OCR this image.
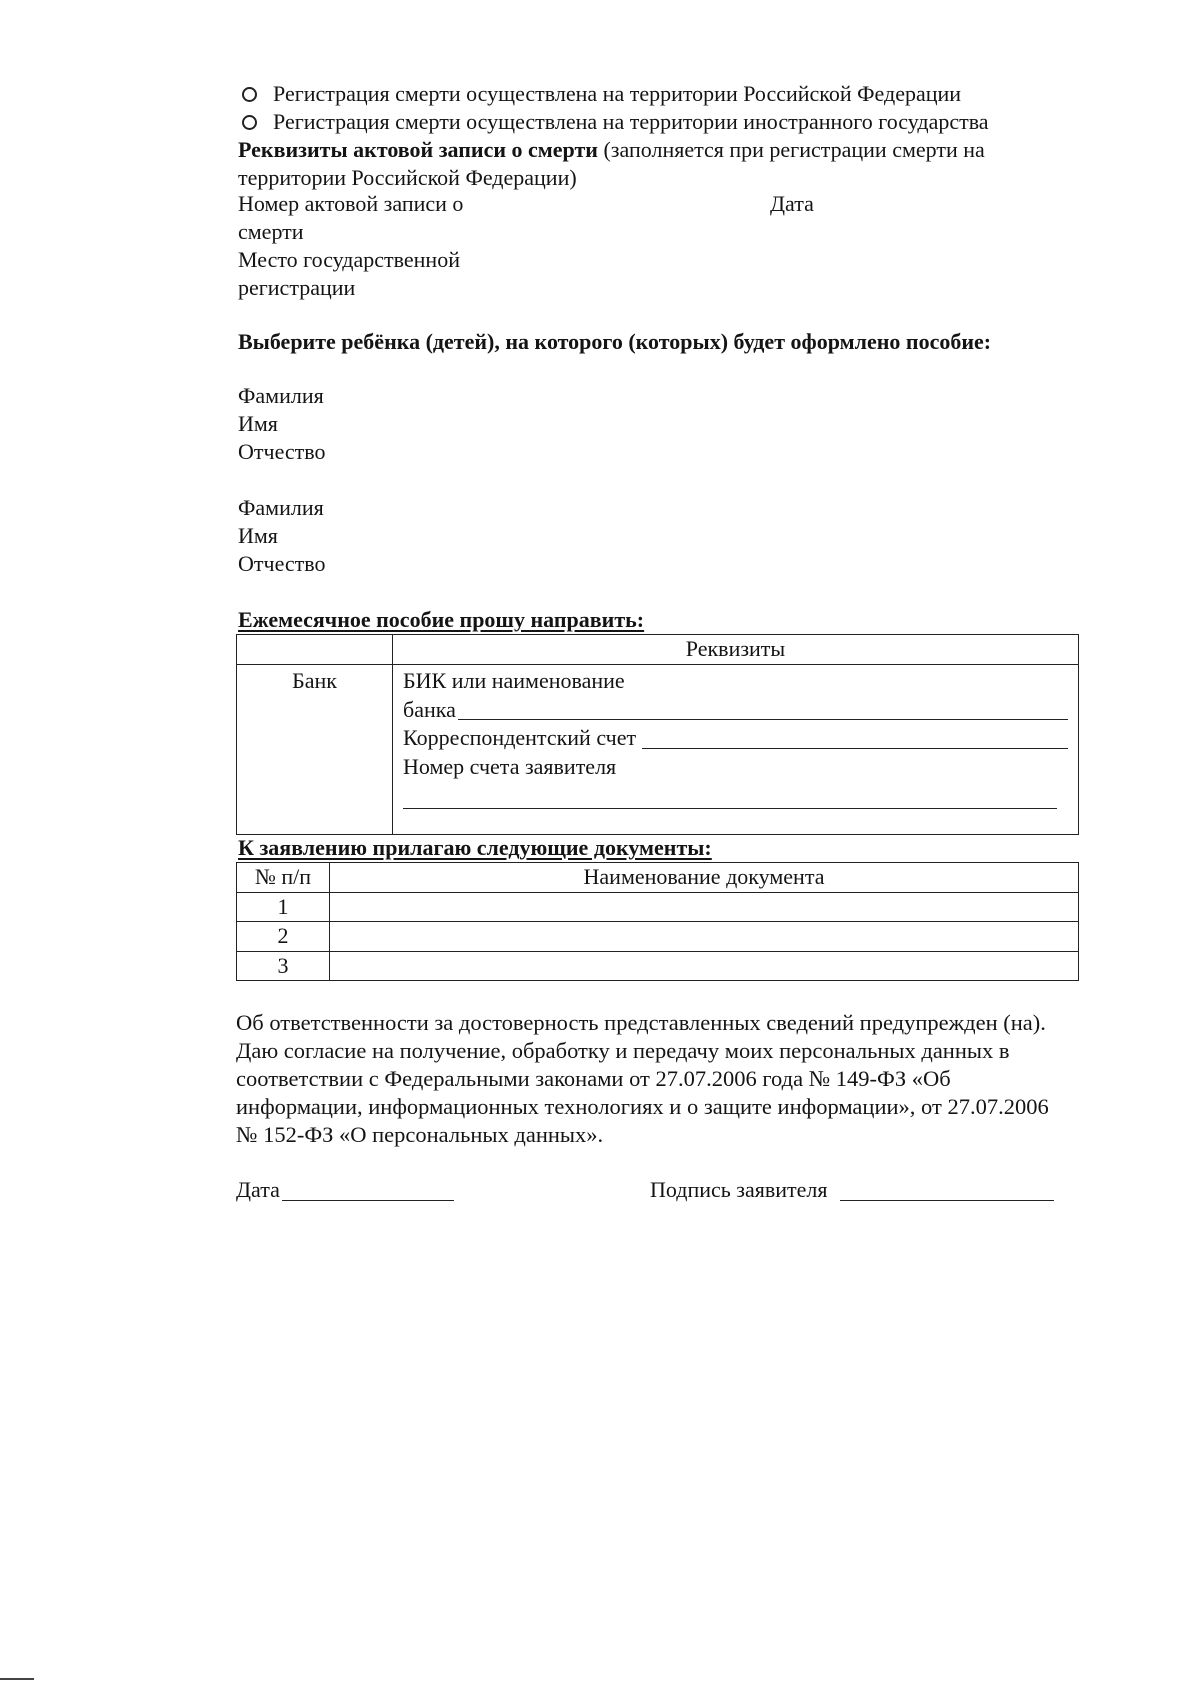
Регистрация смерти осуществлена на территории Российской Федерации
Регистрация смерти осуществлена на территории иностранного государства
Реквизиты актовой записи о смерти (заполняется при регистрации смерти на
территории Российской Федерации)
Номер актовой записи о
смерти
Дата
Место государственной
регистрации
Выберите ребёнка (детей), на которого (которых) будет оформлено пособие:
Фамилия
Имя
Отчество
Фамилия
Имя
Отчество
Ежемесячное пособие прошу направить:
	Реквизиты
Банк	БИК или наименование
банка
Корреспондентский счет
Номер счета заявителя
К заявлению прилагаю следующие документы:
№ п/п	Наименование документа
1	
2	
3	
Об ответственности за достоверность представленных сведений предупрежден (на).
Даю согласие на получение, обработку и передачу моих персональных данных в
соответствии с Федеральными законами от 27.07.2006 года № 149-ФЗ «Об
информации, информационных технологиях и о защите информации», от 27.07.2006
№ 152-ФЗ «О персональных данных».
Дата	Подпись заявителя
